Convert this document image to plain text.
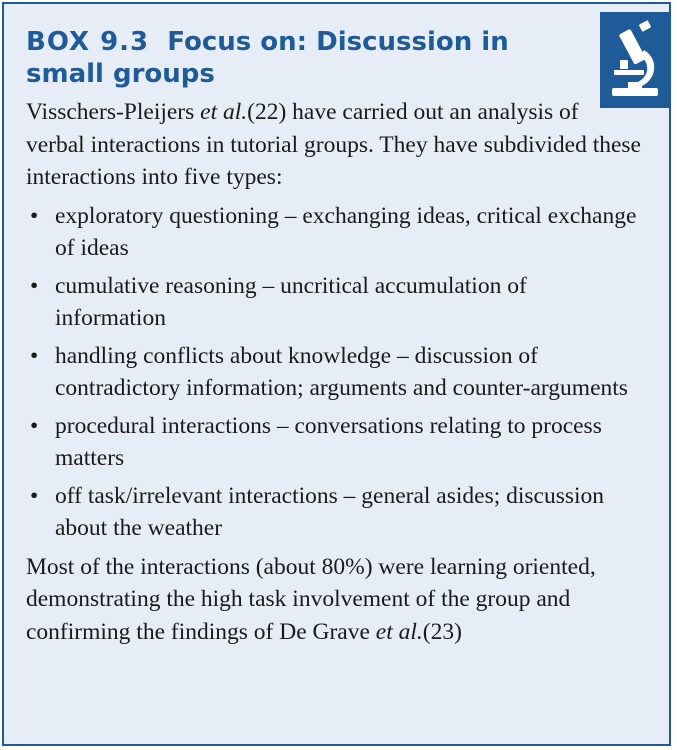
BOX 9.3 Focus on: Discussion in small groups

Visschers-Pleijers et al.(22) have carried out an analysis of verbal interactions in tutorial groups. They have subdivided these interactions into five types:

• exploratory questioning – exchanging ideas, critical exchange of ideas
• cumulative reasoning – uncritical accumulation of information
• handling conflicts about knowledge – discussion of contradictory information; arguments and counter-arguments
• procedural interactions – conversations relating to process matters
• off task/irrelevant interactions – general asides; discussion about the weather

Most of the interactions (about 80%) were learning oriented, demonstrating the high task involvement of the group and confirming the findings of De Grave et al.(23)
